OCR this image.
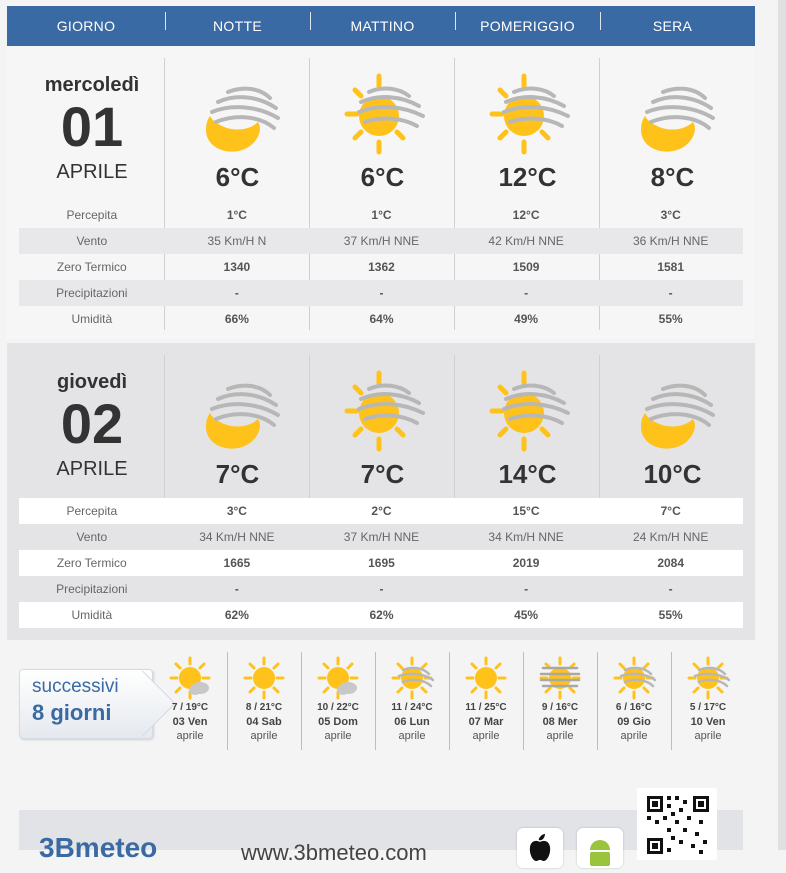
GIORNO	NOTTE	MATTINO	POMERIGGIO	SERA
mercoledì
01
APRILE	6°C	6°C	12°C	8°C
Percepita	1°C	1°C	12°C	3°C
Vento	35 Km/H N	37 Km/H NNE	42 Km/H NNE	36 Km/H NNE
Zero Termico	1340	1362	1509	1581
Precipitazioni	-	-	-	-
Umidità	66%	64%	49%	55%
giovedì
02
APRILE	7°C	7°C	14°C	10°C
Percepita	3°C	2°C	15°C	7°C
Vento	34 Km/H NNE	37 Km/H NNE	34 Km/H NNE	24 Km/H NNE
Zero Termico	1665	1695	2019	2084
Precipitazioni	-	-	-	-
Umidità	62%	62%	45%	55%
successivi
8 giorni	7 / 19°C
03 Ven
aprile
8 / 21°C
04 Sab
aprile
10 / 22°C
05 Dom
aprile
11 / 24°C
06 Lun
aprile
11 / 25°C
07 Mar
aprile
9 / 16°C
08 Mer
aprile
6 / 16°C
09 Gio
aprile
5 / 17°C
10 Ven
aprile
3Bmeteo	www.3bmeteo.com
